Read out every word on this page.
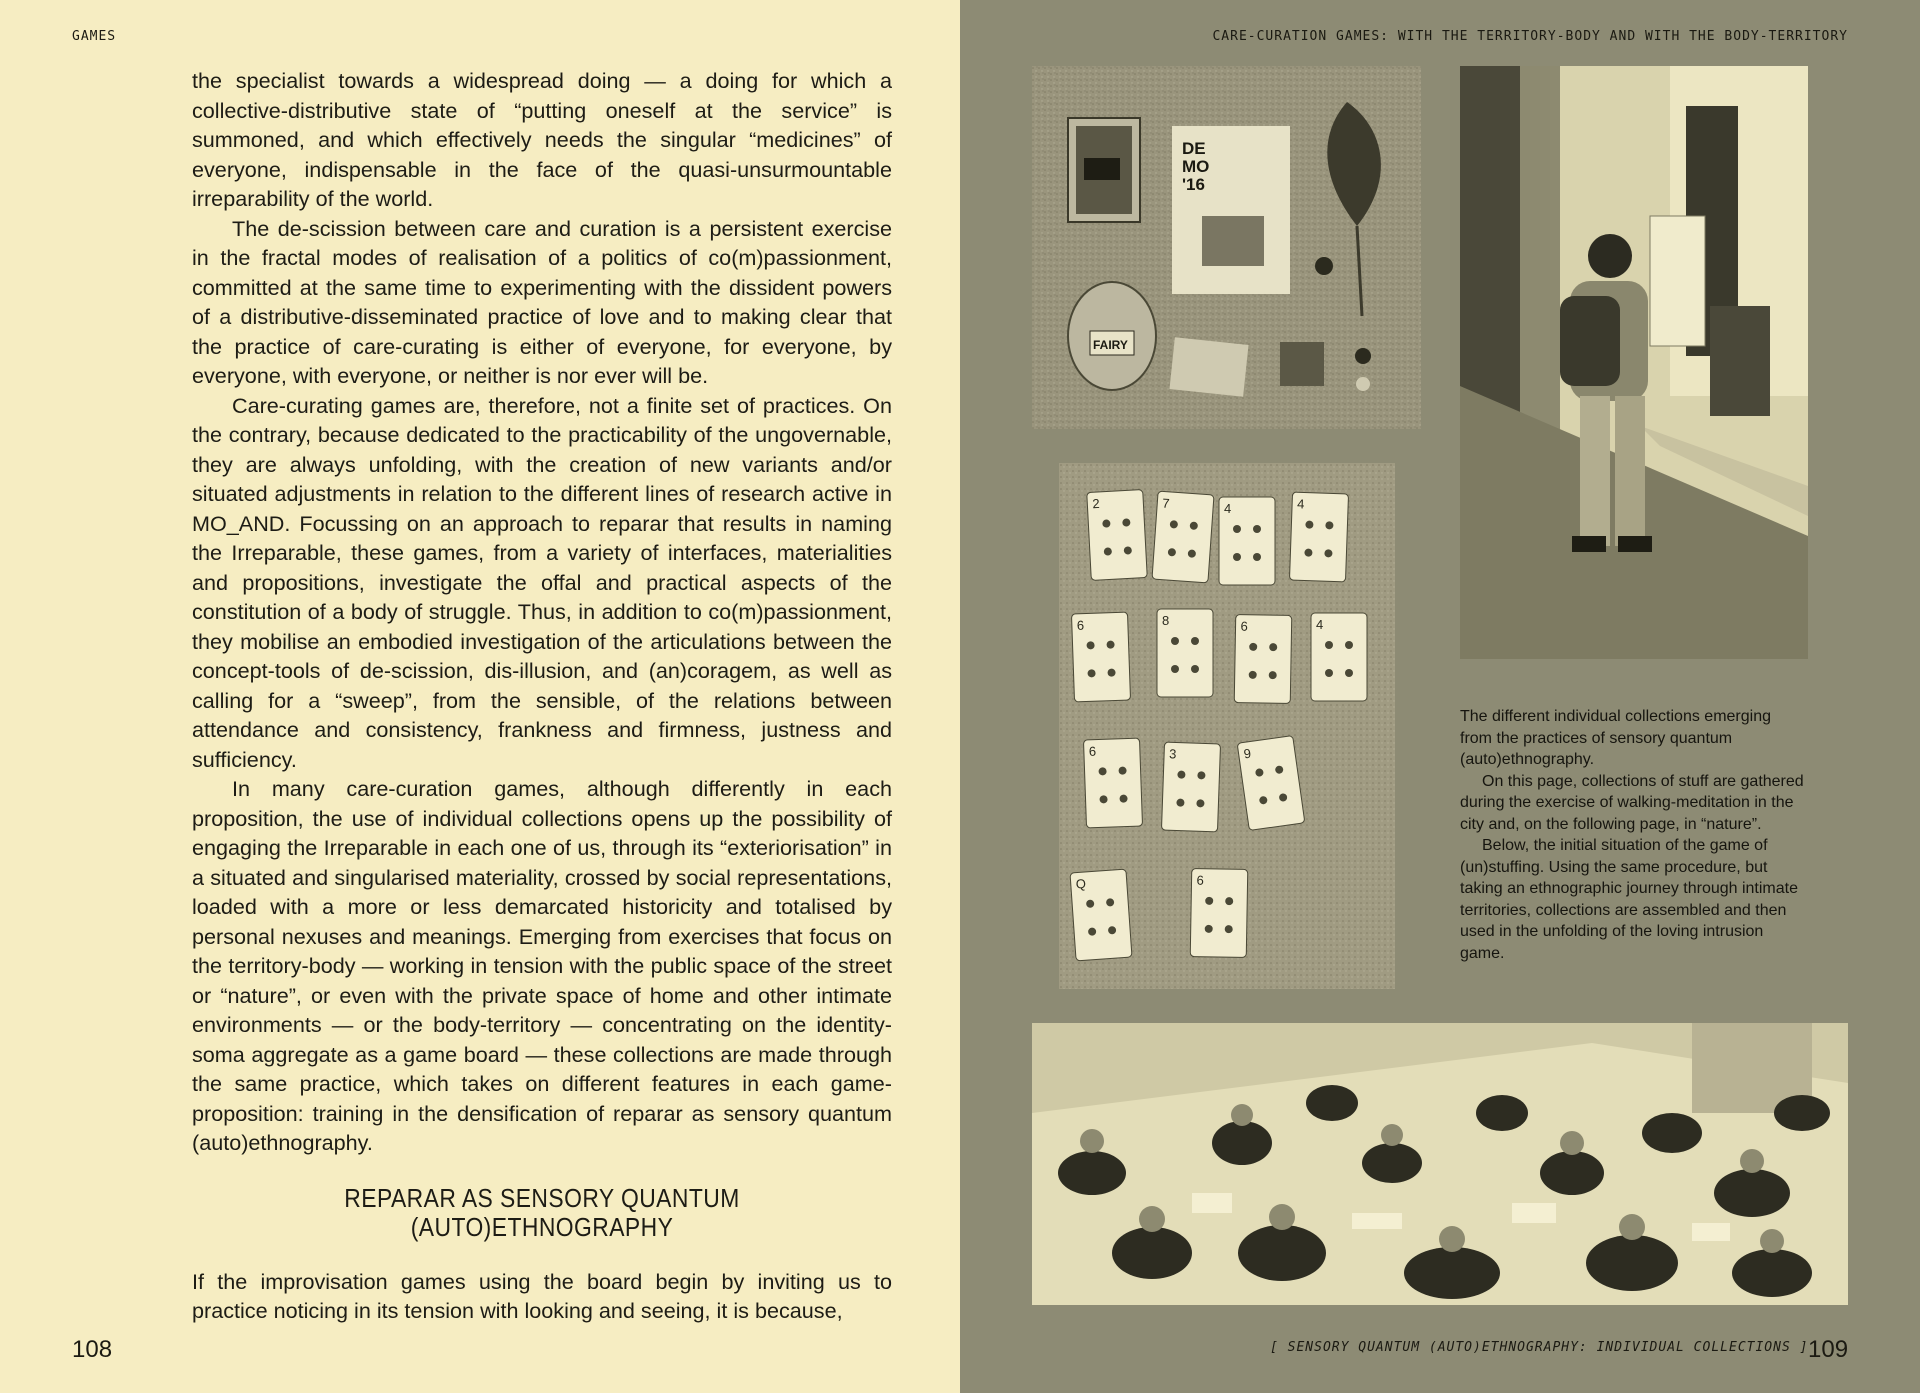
GAMES

the specialist towards a widespread doing — a doing for which a collective-distributive state of “putting oneself at the service” is summoned, and which effectively needs the singular “medicines” of everyone, indispensable in the face of the quasi-unsurmountable irreparability of the world.

The de-scission between care and curation is a persistent exercise in the fractal modes of realisation of a politics of co(m)passionment, committed at the same time to experimenting with the dissident powers of a distributive-disseminated practice of love and to making clear that the practice of care-curating is either of everyone, for everyone, by everyone, with everyone, or neither is nor ever will be.

Care-curating games are, therefore, not a finite set of practices. On the contrary, because dedicated to the practicability of the ungovernable, they are always unfolding, with the creation of new variants and/or situated adjustments in relation to the different lines of research active in MO_AND. Focussing on an approach to reparar that results in naming the Irreparable, these games, from a variety of interfaces, materialities and propositions, investigate the offal and practical aspects of the constitution of a body of struggle. Thus, in addition to co(m)passionment, they mobilise an embodied investigation of the articulations between the concept-tools of de-scission, dis-illusion, and (an)coragem, as well as calling for a “sweep”, from the sensible, of the relations between attendance and consistency, frankness and firmness, justness and sufficiency.

In many care-curation games, although differently in each proposition, the use of individual collections opens up the possibility of engaging the Irreparable in each one of us, through its “exteriorisation” in a situated and singularised materiality, crossed by social representations, loaded with a more or less demarcated historicity and totalised by personal nexuses and meanings. Emerging from exercises that focus on the territory-body — working in tension with the public space of the street or “nature”, or even with the private space of home and other intimate environments — or the body-territory — concentrating on the identity-soma aggregate as a game board — these collections are made through the same practice, which takes on different features in each game-proposition: training in the densification of reparar as sensory quantum (auto)ethnography.

REPARAR AS SENSORY QUANTUM (AUTO)ETHNOGRAPHY

If the improvisation games using the board begin by inviting us to practice noticing in its tension with looking and seeing, it is because,

108
CARE-CURATION GAMES: WITH THE TERRITORY-BODY AND WITH THE BODY-TERRITORY
DE
MO
'16
FAIRY
2	7	4	4
6	8	6	4
6	3	9
Q	6

The different individual collections emerging from the practices of sensory quantum (auto)ethnography.

On this page, collections of stuff are gathered during the exercise of walking-meditation in the city and, on the following page, in “nature”.

Below, the initial situation of the game of (un)stuffing. Using the same procedure, but taking an ethnographic journey through intimate territories, collections are assembled and then used in the unfolding of the loving intrusion game.

[ SENSORY QUANTUM (AUTO)ETHNOGRAPHY: INDIVIDUAL COLLECTIONS ] 109
